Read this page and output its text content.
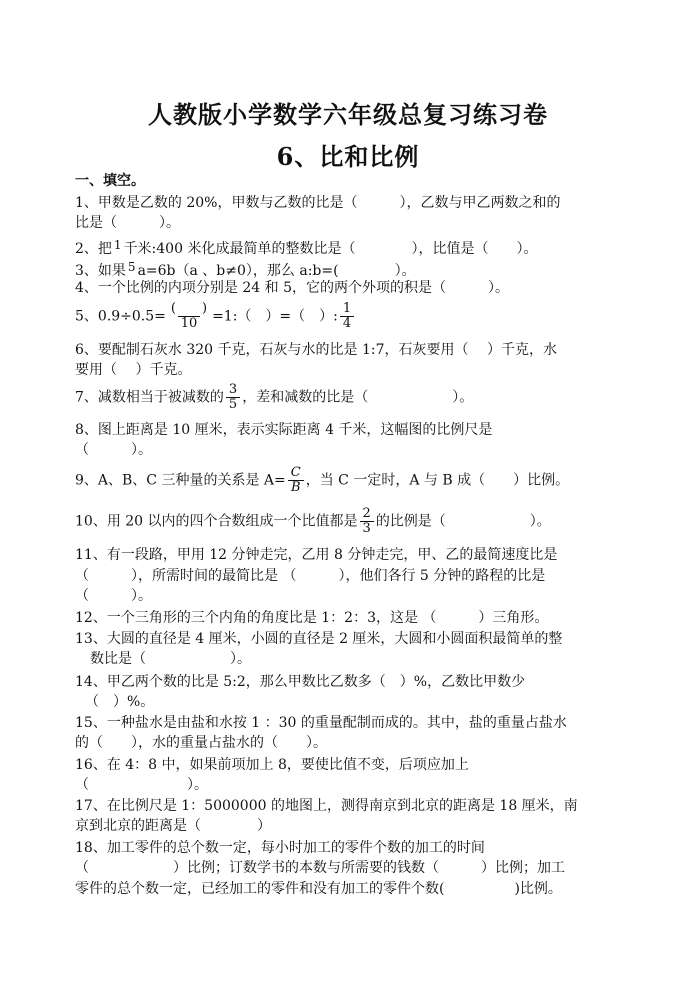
人教版小学数学六年级总复习练习卷
6、比和比例
一、填空。
1、甲数是乙数的 20%，甲数与乙数的比是（　　　），乙数与甲乙两数之和的
比是（　　　）。
2、把 1 千米:400 米化成最简单的整数比是（　　　　），比值是（　　）。
3、如果 5 a=6b（a 、b≠0），那么 a:b=(　　　　）。
4、一个比例的内项分别是 24 和 5，它的两个外项的积是（　　　）。
5、$0.9\div 0.5= \frac{( )}{10}$ =1:（　）=（　）: $\frac{1}{4}$
6、要配制石灰水 320 千克，石灰与水的比是 1:7，石灰要用（　 ）千克，水
要用（　 ）千克。
7、减数相当于被减数的 $\frac{3}{5}$ ，差和减数的比是（　　　　　　）。
8、图上距离是 10 厘米，表示实际距离 4 千米，这幅图的比例尺是
（　　　）。
9、A、B、C 三种量的关系是 $A= \frac{C}{B}$ ，当 C 一定时，A 与 B 成（　　）比例。
10、用 20 以内的四个合数组成一个比值都是 $\frac{2}{3}$ 的比例是（　　　　　　）。
11、有一段路，甲用 12 分钟走完，乙用 8 分钟走完，甲、乙的最简速度比是
（　　　），所需时间的最简比是 （　　　），他们各行 5 分钟的路程的比是
（　　　）。
12、一个三角形的三个内角的角度比是 1：2：3，这是 （　　　）三角形。
13、大圆的直径是 4 厘米，小圆的直径是 2 厘米，大圆和小圆面积最简单的整
数比是（　　　　　　）。
14、甲乙两个数的比是 5:2，那么甲数比乙数多（　）%，乙数比甲数少
（　）%。
15、一种盐水是由盐和水按 1 ：30 的重量配制而成的。其中，盐的重量占盐水
的（　　），水的重量占盐水的（　　）。
16、在 4：8 中，如果前项加上 8，要使比值不变，后项应加上
（　　　　　　　）。
17、在比例尺是 1：5000000 的地图上，测得南京到北京的距离是 18 厘米，南
京到北京的距离是（　　　　）
18、加工零件的总个数一定，每小时加工的零件个数的加工的时间
（　　　　　　）比例；订数学书的本数与所需要的钱数（　　　）比例；加工
零件的总个数一定，已经加工的零件和没有加工的零件个数(　　　　　)比例。
